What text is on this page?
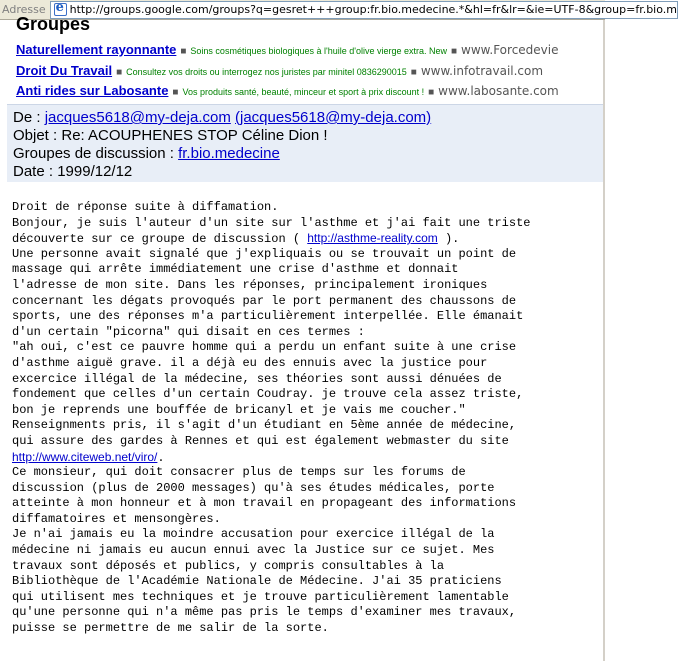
Adresse
e	http://groups.google.com/groups?q=gesret+++group:fr.bio.medecine.*&hl=fr&lr=&ie=UTF-8&group=fr.bio.m
Groupes
Naturellement rayonnante ■ Soins cosmétiques biologiques à l'huile d'olive vierge extra. New ■ www.Forcedevie
Droit Du Travail ■ Consultez vos droits ou interrogez nos juristes par minitel 0836290015 ■ www.infotravail.com
Anti rides sur Labosante ■ Vos produits santé, beauté, minceur et sport à prix discount ! ■ www.labosante.com
De : jacques5618@my-deja.com (jacques5618@my-deja.com)
Objet : Re: ACOUPHENES STOP Céline Dion !
Groupes de discussion : fr.bio.medecine
Date : 1999/12/12
Droit de réponse suite à diffamation.
Bonjour, je suis l'auteur d'un site sur l'asthme et j'ai fait une triste
découverte sur ce groupe de discussion ( http://asthme-reality.com ).
Une personne avait signalé que j'expliquais ou se trouvait un point de
massage qui arrête immédiatement une crise d'asthme et donnait
l'adresse de mon site. Dans les réponses, principalement ironiques
concernant les dégats provoqués par le port permanent des chaussons de
sports, une des réponses m'a particulièrement interpellée. Elle émanait
d'un certain "picorna" qui disait en ces termes :
"ah oui, c'est ce pauvre homme qui a perdu un enfant suite à une crise
d'asthme aiguë grave. il a déjà eu des ennuis avec la justice pour
excercice illégal de la médecine, ses théories sont aussi dénuées de
fondement que celles d'un certain Coudray. je trouve cela assez triste,
bon je reprends une bouffée de bricanyl et je vais me coucher."
Renseignments pris, il s'agit d'un étudiant en 5ème année de médecine,
qui assure des gardes à Rennes et qui est également webmaster du site
http://www.citeweb.net/viro/.
Ce monsieur, qui doit consacrer plus de temps sur les forums de
discussion (plus de 2000 messages) qu'à ses études médicales, porte
atteinte à mon honneur et à mon travail en propageant des informations
diffamatoires et mensongères.
Je n'ai jamais eu la moindre accusation pour exercice illégal de la
médecine ni jamais eu aucun ennui avec la Justice sur ce sujet. Mes
travaux sont déposés et publics, y compris consultables à la
Bibliothèque de l'Académie Nationale de Médecine. J'ai 35 praticiens
qui utilisent mes techniques et je trouve particulièrement lamentable
qu'une personne qui n'a même pas pris le temps d'examiner mes travaux,
puisse se permettre de me salir de la sorte.
